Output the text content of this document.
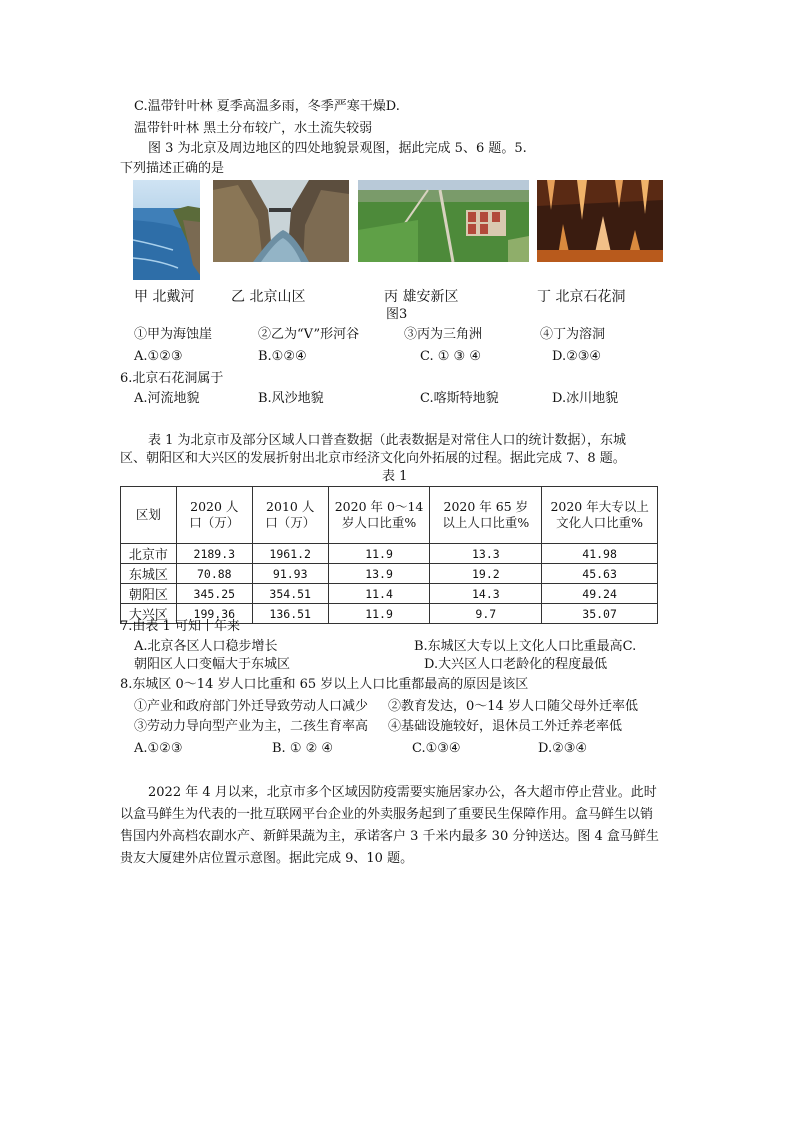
C.温带针叶林 夏季高温多雨，冬季严寒干燥D.
温带针叶林 黑土分布较广，水土流失较弱
图 3 为北京及周边地区的四处地貌景观图，据此完成 5、6 题。5.
下列描述正确的是
甲 北戴河	乙 北京山区	丙 雄安新区	丁 北京石花洞
图3
①甲为海蚀崖	②乙为“V”形河谷	③丙为三角洲	④丁为溶洞
A.①②③	B.①②④	C. ① ③ ④	D.②③④
6.北京石花洞属于
A.河流地貌	B.风沙地貌	C.喀斯特地貌	D.冰川地貌
表 1 为北京市及部分区域人口普查数据（此表数据是对常住人口的统计数据），东城
区、朝阳区和大兴区的发展折射出北京市经济文化向外拓展的过程。据此完成 7、8 题。
表 1
区划	2020 人口（万）	2010 人口（万）	2020 年 0～14 岁人口比重%	2020 年 65 岁以上人口比重%	2020 年大专以上文化人口比重%
北京市	2189.3	1961.2	11.9	13.3	41.98
东城区	70.88	91.93	13.9	19.2	45.63
朝阳区	345.25	354.51	11.4	14.3	49.24
大兴区	199.36	136.51	11.9	9.7	35.07
7.由表 1 可知十年来
A.北京各区人口稳步增长	B.东城区大专以上文化人口比重最高C.
朝阳区人口变幅大于东城区	D.大兴区人口老龄化的程度最低
8.东城区 0～14 岁人口比重和 65 岁以上人口比重都最高的原因是该区
①产业和政府部门外迁导致劳动人口减少 ②教育发达，0～14 岁人口随父母外迁率低
③劳动力导向型产业为主，二孩生育率高 ④基础设施较好，退休员工外迁养老率低
A.①②③	B. ① ② ④	C.①③④	D.②③④
2022 年 4 月以来，北京市多个区域因防疫需要实施居家办公，各大超市停止营业。此时以盒马鲜生为代表的一批互联网平台企业的外卖服务起到了重要民生保障作用。盒马鲜生以销售国内外高档农副水产、新鲜果蔬为主，承诺客户 3 千米内最多 30 分钟送达。图 4 盒马鲜生贵友大厦建外店位置示意图。据此完成 9、10 题。
